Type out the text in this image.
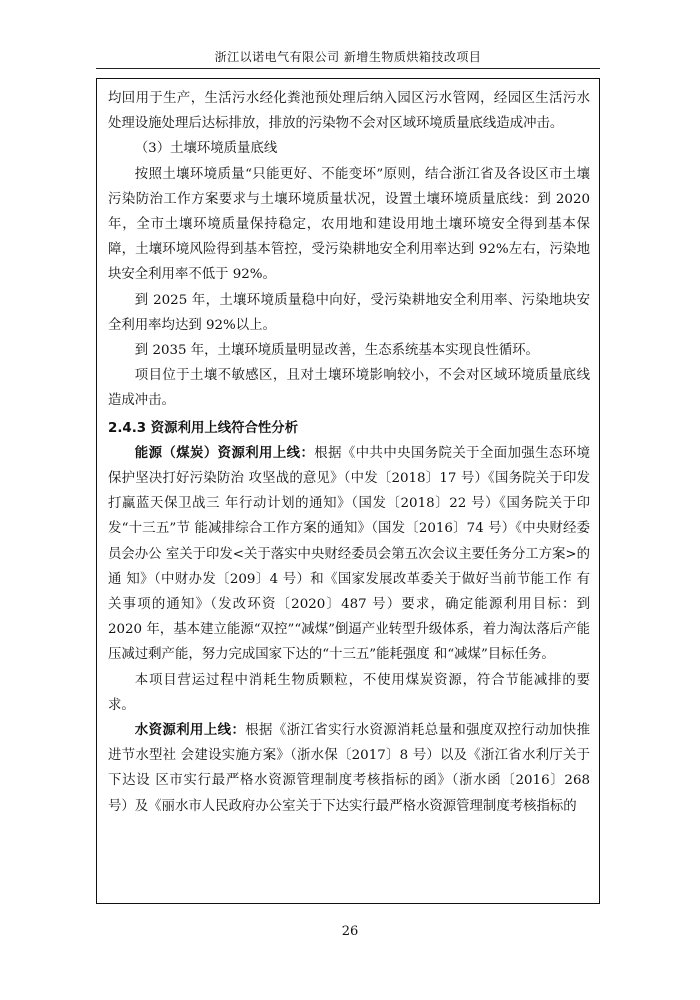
浙江以诺电气有限公司 新增生物质烘箱技改项目

均回用于生产，生活污水经化粪池预处理后纳入园区污水管网，经园区生活污水处理设施处理后达标排放，排放的污染物不会对区域环境质量底线造成冲击。

（3）土壤环境质量底线

按照土壤环境质量“只能更好、不能变坏”原则，结合浙江省及各设区市土壤污染防治工作方案要求与土壤环境质量状况，设置土壤环境质量底线：到 2020 年，全市土壤环境质量保持稳定，农用地和建设用地土壤环境安全得到基本保障，土壤环境风险得到基本管控，受污染耕地安全利用率达到 92%左右，污染地块安全利用率不低于 92%。

到 2025 年，土壤环境质量稳中向好，受污染耕地安全利用率、污染地块安全利用率均达到 92%以上。

到 2035 年，土壤环境质量明显改善，生态系统基本实现良性循环。

项目位于土壤不敏感区，且对土壤环境影响较小，不会对区域环境质量底线造成冲击。

2.4.3 资源利用上线符合性分析

能源（煤炭）资源利用上线：根据《中共中央国务院关于全面加强生态环境保护坚决打好污染防治 攻坚战的意见》（中发〔2018〕17 号）《国务院关于印发打赢蓝天保卫战三 年行动计划的通知》（国发〔2018〕22 号）《国务院关于印发“十三五”节 能减排综合工作方案的通知》（国发〔2016〕74 号）《中央财经委员会办公 室关于印发<关于落实中央财经委员会第五次会议主要任务分工方案>的通 知》（中财办发〔209〕4 号）和《国家发展改革委关于做好当前节能工作 有关事项的通知》（发改环资〔2020〕487 号）要求，确定能源利用目标：到 2020 年，基本建立能源“双控”“减煤”倒逼产业转型升级体系，着力淘汰落后产能压减过剩产能，努力完成国家下达的“十三五”能耗强度 和“减煤”目标任务。

本项目营运过程中消耗生物质颗粒，不使用煤炭资源，符合节能减排的要求。

水资源利用上线：根据《浙江省实行水资源消耗总量和强度双控行动加快推进节水型社 会建设实施方案》（浙水保〔2017〕8 号）以及《浙江省水利厅关于下达设 区市实行最严格水资源管理制度考核指标的函》（浙水函〔2016〕268 号）及《丽水市人民政府办公室关于下达实行最严格水资源管理制度考核指标的

26
